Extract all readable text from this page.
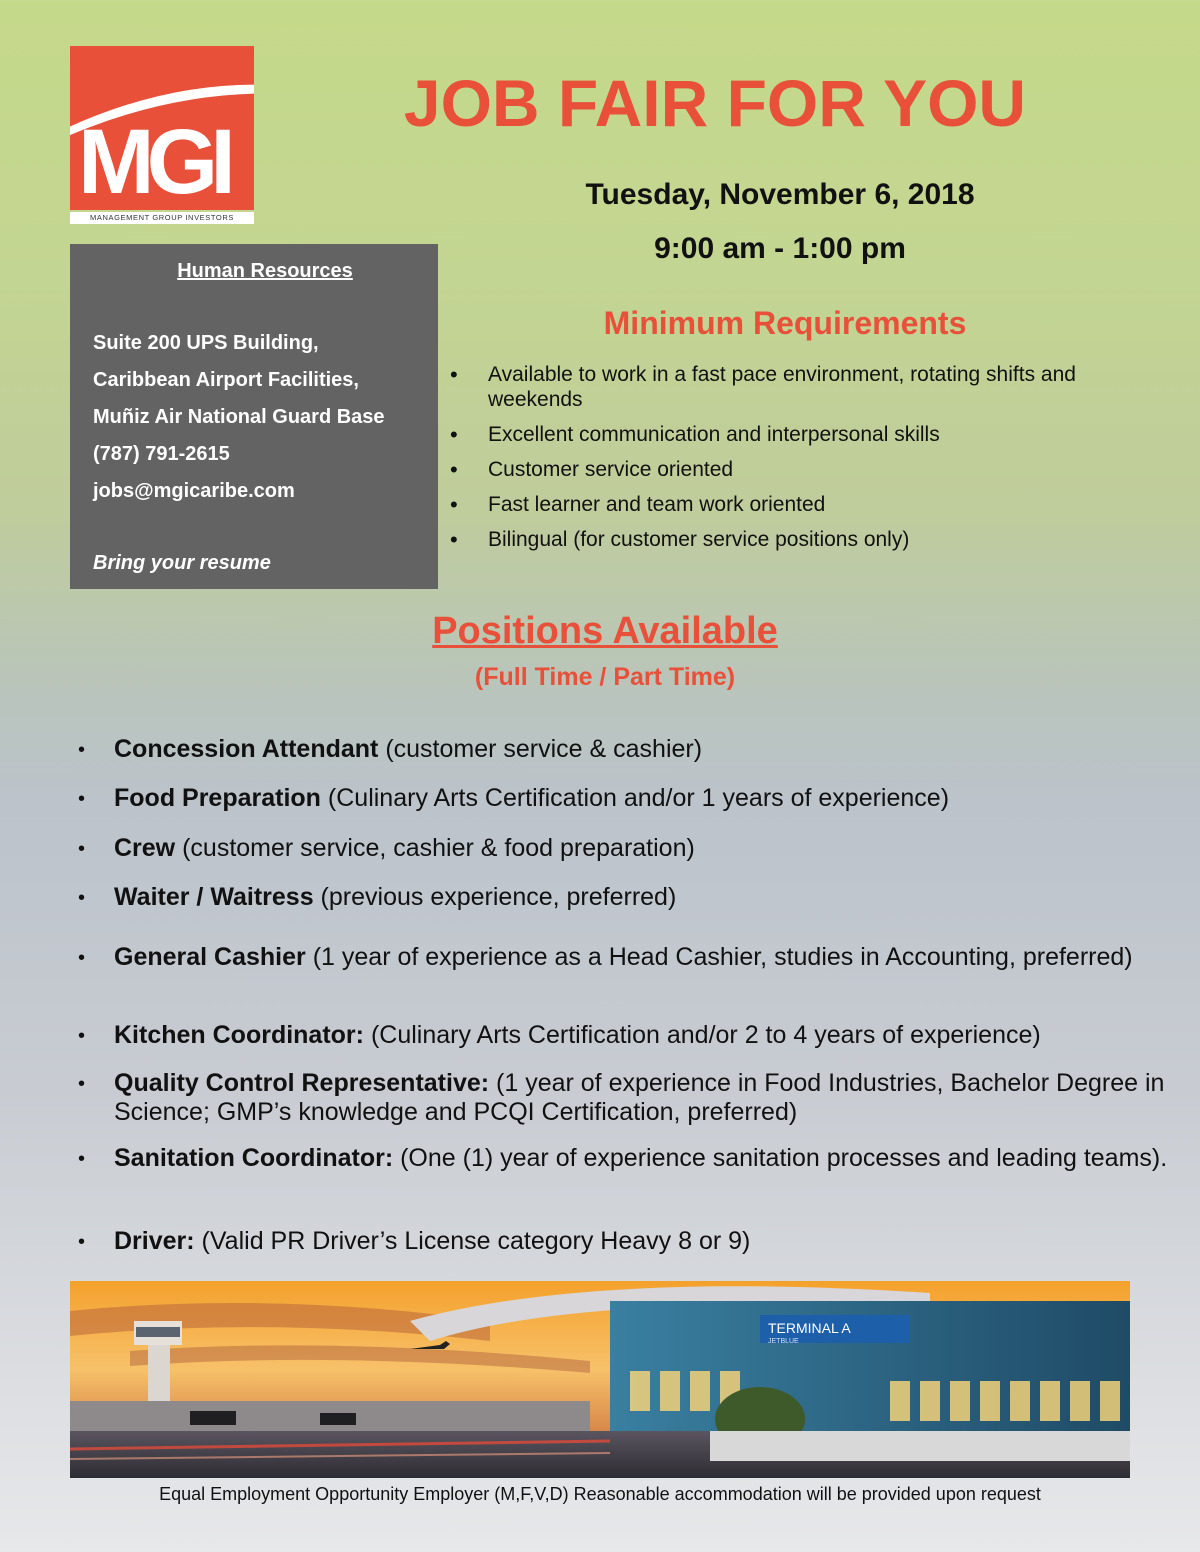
MGI
MANAGEMENT GROUP INVESTORS
JOB FAIR FOR YOU
Tuesday, November 6, 2018
9:00 am - 1:00 pm
Human Resources
Suite 200 UPS Building,
Caribbean Airport Facilities,
Muñiz Air National Guard Base
(787) 791-2615
jobs@mgicaribe.com
Bring your resume
Minimum Requirements
• Available to work in a fast pace environment, rotating shifts and weekends
• Excellent communication and interpersonal skills
• Customer service oriented
• Fast learner and team work oriented
• Bilingual (for customer service positions only)
Positions Available
(Full Time / Part Time)
• Concession Attendant (customer service & cashier)
• Food Preparation (Culinary Arts Certification and/or 1 years of experience)
• Crew (customer service, cashier & food preparation)
• Waiter / Waitress (previous experience, preferred)
• General Cashier (1 year of experience as a Head Cashier, studies in Accounting, preferred)
• Kitchen Coordinator: (Culinary Arts Certification and/or 2 to 4 years of experience)
• Quality Control Representative: (1 year of experience in Food Industries, Bachelor Degree in Science; GMP’s knowledge and PCQI Certification, preferred)
• Sanitation Coordinator: (One (1) year of experience sanitation processes and leading teams).
• Driver: (Valid PR Driver’s License category Heavy 8 or 9)
TERMINAL A
JETBLUE
Equal Employment Opportunity Employer (M,F,V,D) Reasonable accommodation will be provided upon request
